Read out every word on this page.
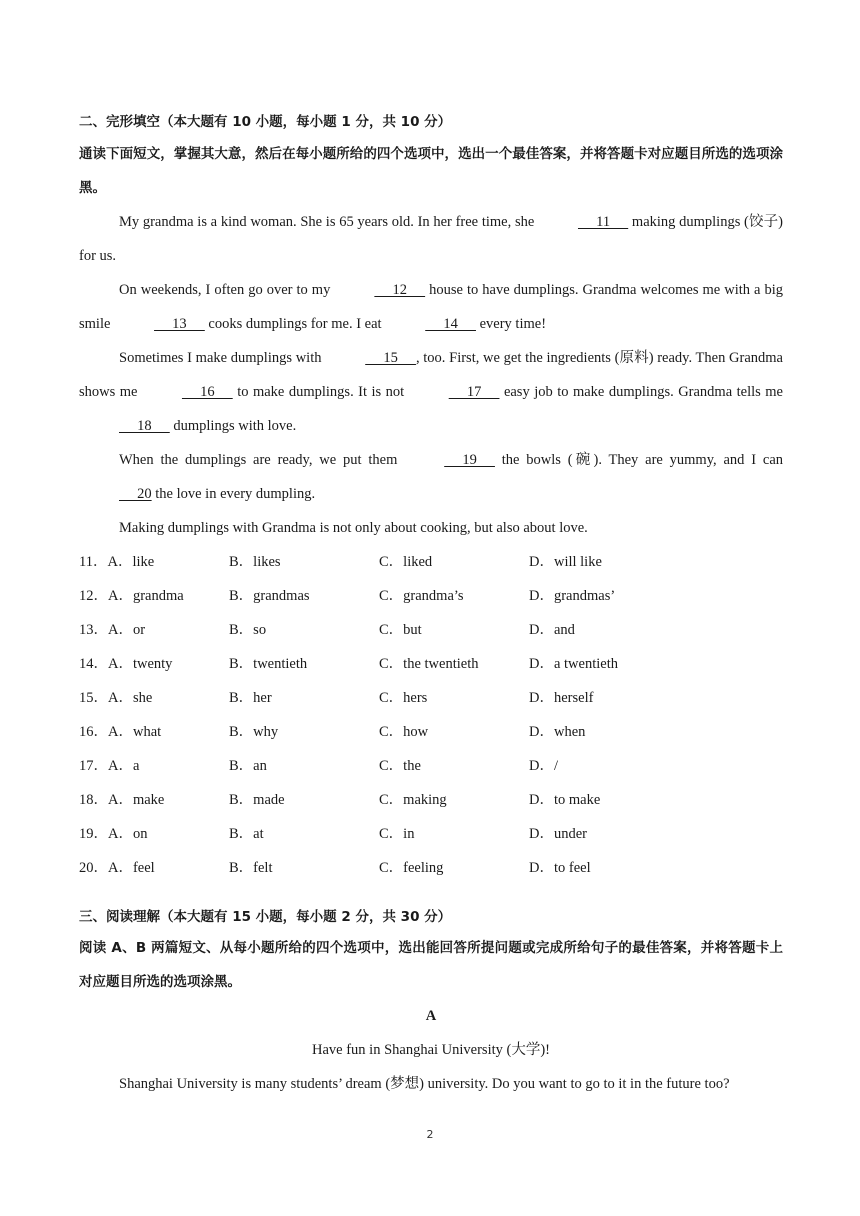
二、完形填空（本大题有 10 小题，每小题 1 分，共 10 分）
通读下面短文，掌握其大意，然后在每小题所给的四个选项中，选出一个最佳答案，并将答题卡对应题目所选的选项涂黑。

My grandma is a kind woman. She is 65 years old. In her free time, she	11      making dumplings (饺子) for us.

On weekends, I often go over to my	12      house to have dumplings. Grandma welcomes me with a big smile	13      cooks dumplings for me. I eat	14      every time!

Sometimes I make dumplings with	15     , too. First, we get the ingredients (原料) ready. Then Grandma shows me	16      to make dumplings. It is not	17      easy job to make dumplings. Grandma tells me      18      dumplings with love.

When the dumplings are ready, we put them	19      the bowls (碗). They are yummy, and I can      20 the love in every dumpling.

Making dumplings with Grandma is not only about cooking, but also about love.

11．A．like	B．likes	C．liked	D．will like
12．A．grandma	B．grandmas	C．grandma’s	D．grandmas’
13．A．or	B．so	C．but	D．and
14．A．twenty	B．twentieth	C．the twentieth	D．a twentieth
15．A．she	B．her	C．hers	D．herself
16．A．what	B．why	C．how	D．when
17．A．a	B．an	C．the	D．/
18．A．make	B．made	C．making	D．to make
19．A．on	B．at	C．in	D．under
20．A．feel	B．felt	C．feeling	D．to feel
三、阅读理解（本大题有 15 小题，每小题 2 分，共 30 分）
阅读 A、B 两篇短文、从每小题所给的四个选项中，选出能回答所提问题或完成所给句子的最佳答案，并将答题卡上对应题目所选的选项涂黑。
A
Have fun in Shanghai University (大学)!

Shanghai University is many students’ dream (梦想) university. Do you want to go to it in the future too?

2
